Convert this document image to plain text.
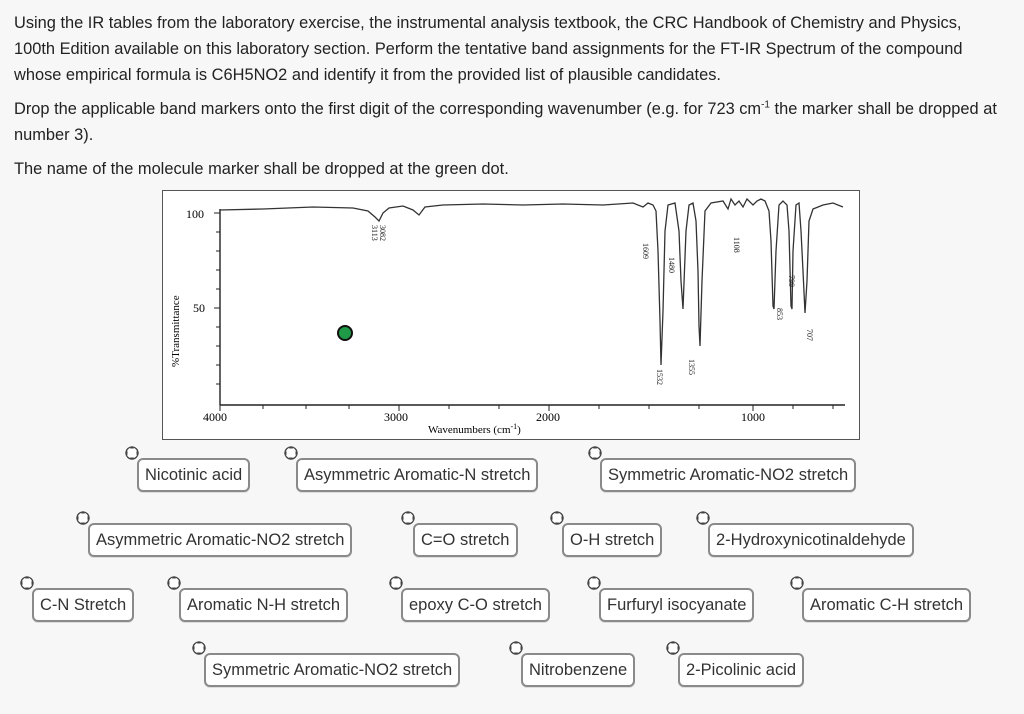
Using the IR tables from the laboratory exercise, the instrumental analysis textbook, the CRC Handbook of Chemistry and Physics, 100th Edition available on this laboratory section. Perform the tentative band assignments for the FT-IR Spectrum of the compound whose empirical formula is C6H5NO2 and identify it from the provided list of plausible candidates.

Drop the applicable band markers onto the first digit of the corresponding wavenumber (e.g. for 723 $cm^{-1}$ the marker shall be dropped at number 3).

The name of the molecule marker shall be dropped at the green dot.

100
50
4000	3000	2000	1000
Wavenumbers $(cm^{-1})$
%Transmittance
3113 3082
1609
1532
1480
1355
1108
853
799
707
Nicotinic acid	Asymmetric Aromatic-N stretch	Symmetric Aromatic-NO2 stretch
Asymmetric Aromatic-NO2 stretch	C=O stretch	O-H stretch	2-Hydroxynicotinaldehyde
C-N Stretch	Aromatic N-H stretch	epoxy C-O stretch	Furfuryl isocyanate	Aromatic C-H stretch
Symmetric Aromatic-NO2 stretch	Nitrobenzene	2-Picolinic acid
